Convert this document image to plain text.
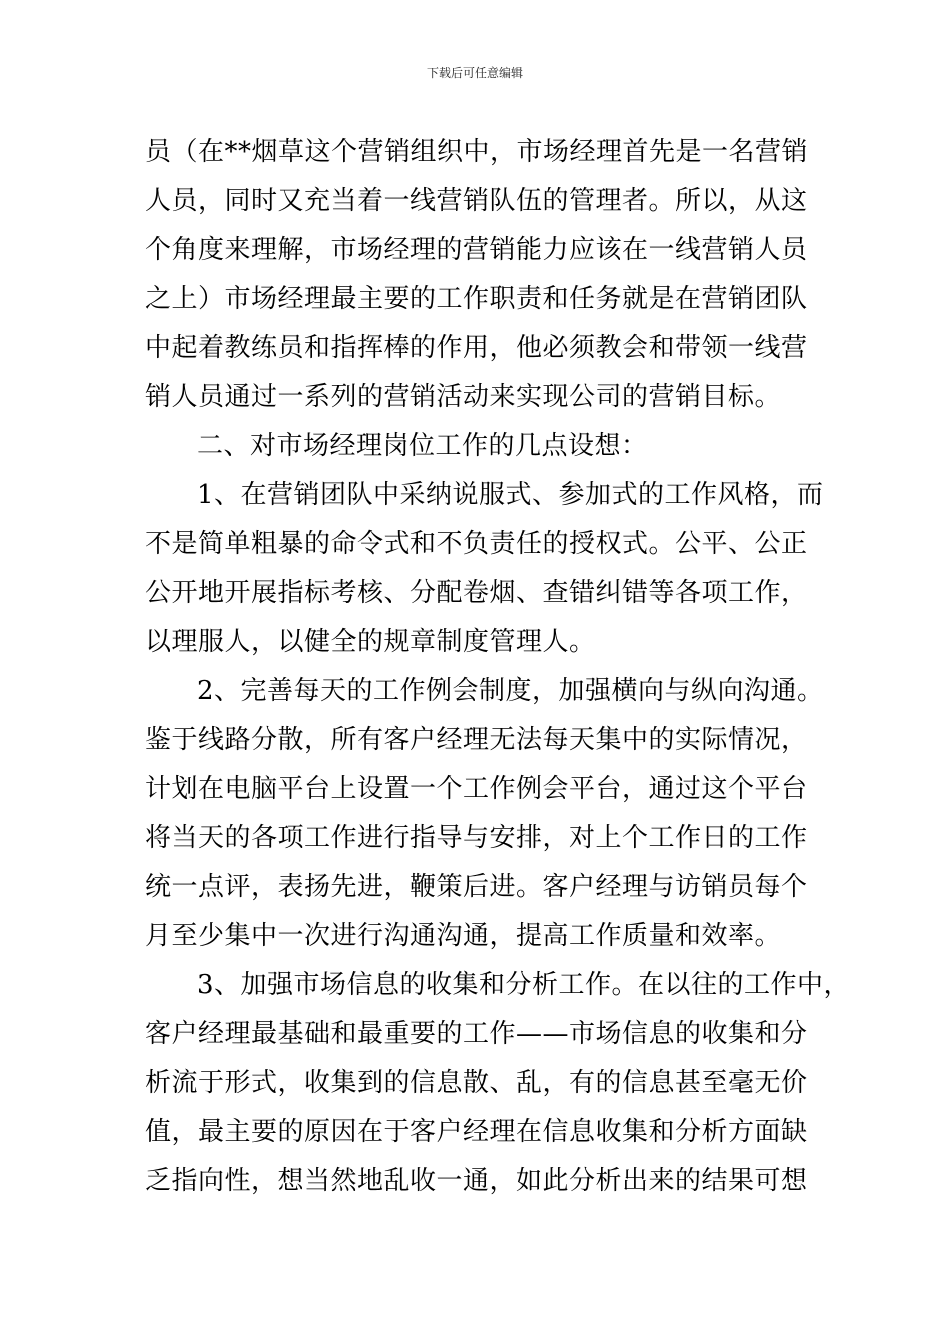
下载后可任意编辑
员（在**烟草这个营销组织中，市场经理首先是一名营销
人员，同时又充当着一线营销队伍的管理者。所以，从这
个角度来理解，市场经理的营销能力应该在一线营销人员
之上）市场经理最主要的工作职责和任务就是在营销团队
中起着教练员和指挥棒的作用，他必须教会和带领一线营
销人员通过一系列的营销活动来实现公司的营销目标。
二、对市场经理岗位工作的几点设想：
1、在营销团队中采纳说服式、参加式的工作风格，而
不是简单粗暴的命令式和不负责任的授权式。公平、公正
公开地开展指标考核、分配卷烟、查错纠错等各项工作，
以理服人，以健全的规章制度管理人。
2、完善每天的工作例会制度，加强横向与纵向沟通。
鉴于线路分散，所有客户经理无法每天集中的实际情况，
计划在电脑平台上设置一个工作例会平台，通过这个平台
将当天的各项工作进行指导与安排，对上个工作日的工作
统一点评，表扬先进，鞭策后进。客户经理与访销员每个
月至少集中一次进行沟通沟通，提高工作质量和效率。
3、加强市场信息的收集和分析工作。在以往的工作中，
客户经理最基础和最重要的工作——市场信息的收集和分
析流于形式，收集到的信息散、乱，有的信息甚至毫无价
值，最主要的原因在于客户经理在信息收集和分析方面缺
乏指向性，想当然地乱收一通，如此分析出来的结果可想
